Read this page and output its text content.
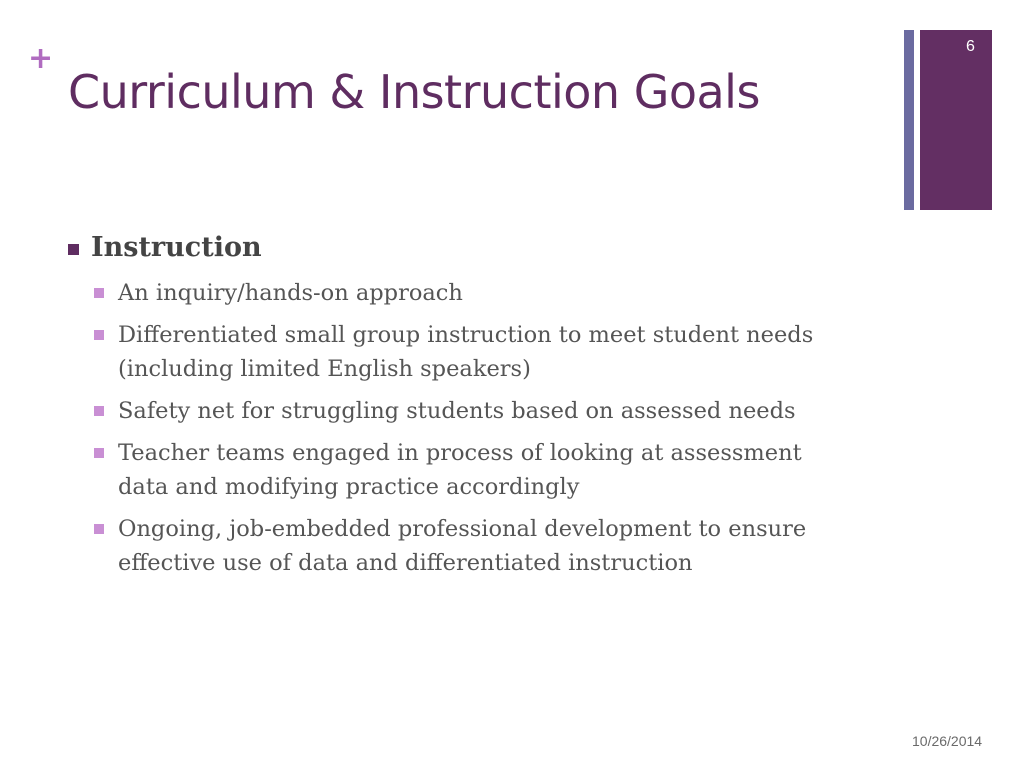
+
Curriculum & Instruction Goals
6
Instruction
An inquiry/hands-on approach
Differentiated small group instruction to meet student needs (including limited English speakers)
Safety net for struggling students based on assessed needs
Teacher teams engaged in process of looking at assessment data and modifying practice accordingly
Ongoing, job-embedded professional development to ensure effective use of data and differentiated instruction
10/26/2014
